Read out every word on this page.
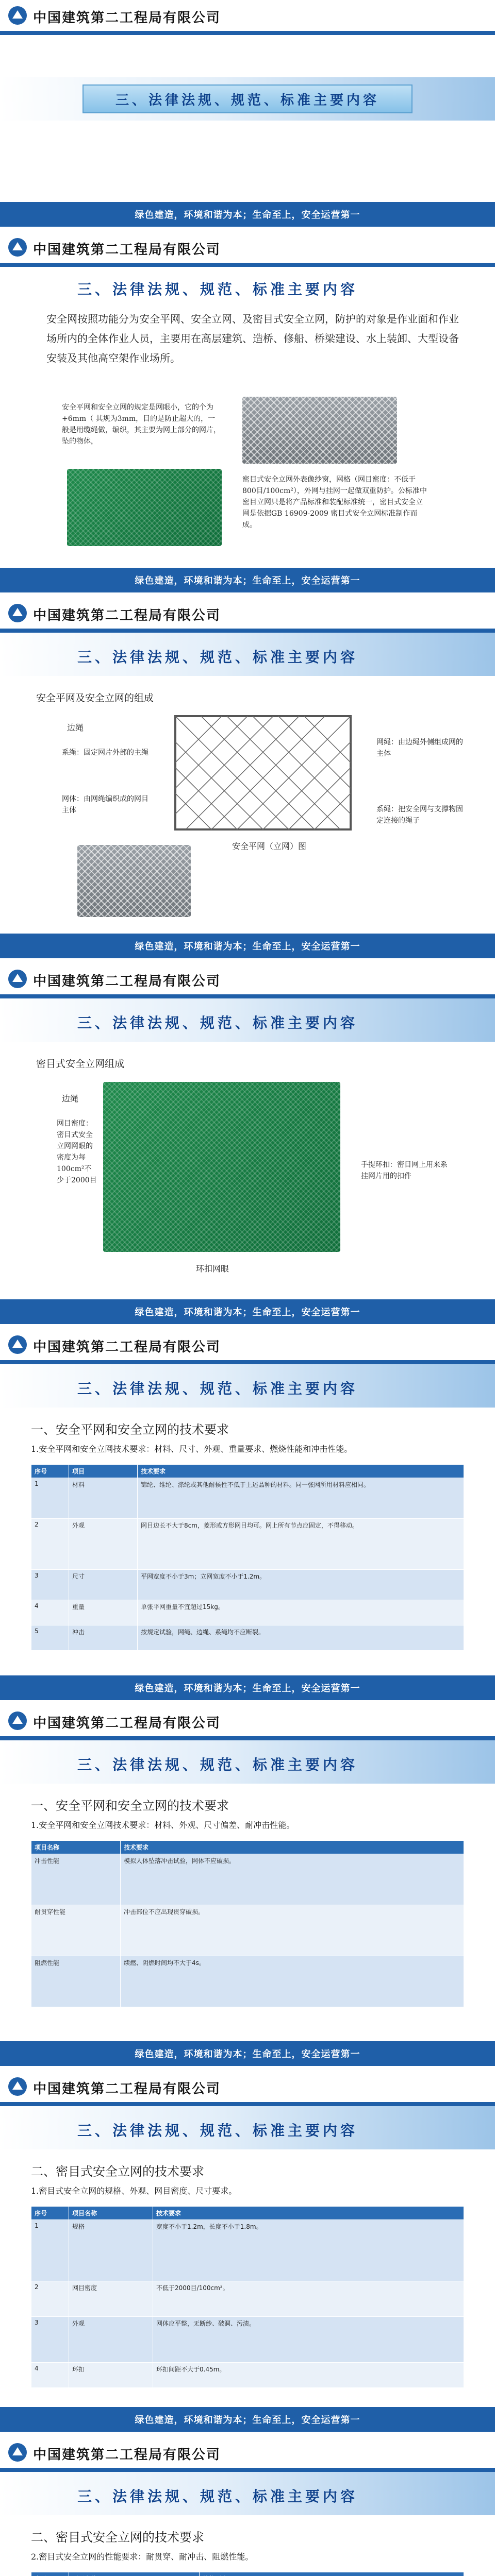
中国建筑第二工程局有限公司
三、法律法规、规范、标准主要内容
绿色建造，环境和谐为本；生命至上，安全运营第一
中国建筑第二工程局有限公司
三、法律法规、规范、标准主要内容
安全网按照功能分为安全平网、安全立网、及密目式安全立网，防护的对象是作业面和作业场所内的全体作业人员，主要用在高层建筑、造桥、修船、桥梁建设、水上装卸、大型设备安装及其他高空架作业场所。
安全平网和安全立网的规定是网眼小，它的个为+6mm（ 其规为3mm，目的是防止超大的，一般是用缆绳做，编织，其主要为网上部分的网片，坠的物体，
密目式安全立网外表像纱窗，网格（网目密度：不低于800目/100cm²），外网与挂网一起做双重防护。公标准中密目立网只是将产品标准和装配标准统一，密目式安全立网是依据GB 16909-2009 密目式安全立网标准制作而成。
绿色建造，环境和谐为本；生命至上，安全运营第一
中国建筑第二工程局有限公司
三、法律法规、规范、标准主要内容
安全平网及安全立网的组成
边绳
系绳：固定网片外部的主绳
网绳：由边绳外侧组成网的主体
网体：由网绳编织成的网目主体	系绳：把安全网与支撑物固定连接的绳子
安全平网（立网）图
绿色建造，环境和谐为本；生命至上，安全运营第一
中国建筑第二工程局有限公司
三、法律法规、规范、标准主要内容
密目式安全立网组成
边绳
网目密度：密目式安全立网网眼的密度为每100cm²不少于2000目
手提环扣：密目网上用来系挂网片用的扣件
环扣网眼
绿色建造，环境和谐为本；生命至上，安全运营第一
中国建筑第二工程局有限公司
三、法律法规、规范、标准主要内容
一、安全平网和安全立网的技术要求
1.安全平网和安全立网技术要求：材料、尺寸、外观、重量要求、燃烧性能和冲击性能。
序号	项目	技术要求
1	材料	锦纶、维纶、涤纶或其他耐候性不低于上述品种的材料。同一张网所用材料应相同。
2	外观	网目边长不大于8cm，菱形或方形网目均可。网上所有节点应固定，不得移动。
3	尺寸	平网宽度不小于3m；立网宽度不小于1.2m。
4	重量	单张平网重量不宜超过15kg。
5	冲击	按规定试验，网绳、边绳、系绳均不应断裂。
绿色建造，环境和谐为本；生命至上，安全运营第一
中国建筑第二工程局有限公司
三、法律法规、规范、标准主要内容
一、安全平网和安全立网的技术要求
1.安全平网和安全立网技术要求：材料、外观、尺寸偏差、耐冲击性能。
项目名称	技术要求
冲击性能	模拟人体坠落冲击试验，网体不应破损。
耐贯穿性能	冲击部位不应出现贯穿破损。
阻燃性能	续燃、阴燃时间均不大于4s。
绿色建造，环境和谐为本；生命至上，安全运营第一
中国建筑第二工程局有限公司
三、法律法规、规范、标准主要内容
二、密目式安全立网的技术要求
1.密目式安全立网的规格、外观、网目密度、尺寸要求。
序号	项目名称	技术要求
1	规格	宽度不小于1.2m，长度不小于1.8m。
2	网目密度	不低于2000目/100cm²。
3	外观	网体应平整，无断纱、破洞、污渍。
4	环扣	环扣间距不大于0.45m。
绿色建造，环境和谐为本；生命至上，安全运营第一
中国建筑第二工程局有限公司
三、法律法规、规范、标准主要内容
二、密目式安全立网的技术要求
2.密目式安全立网的性能要求：耐贯穿、耐冲击、阻燃性能。
